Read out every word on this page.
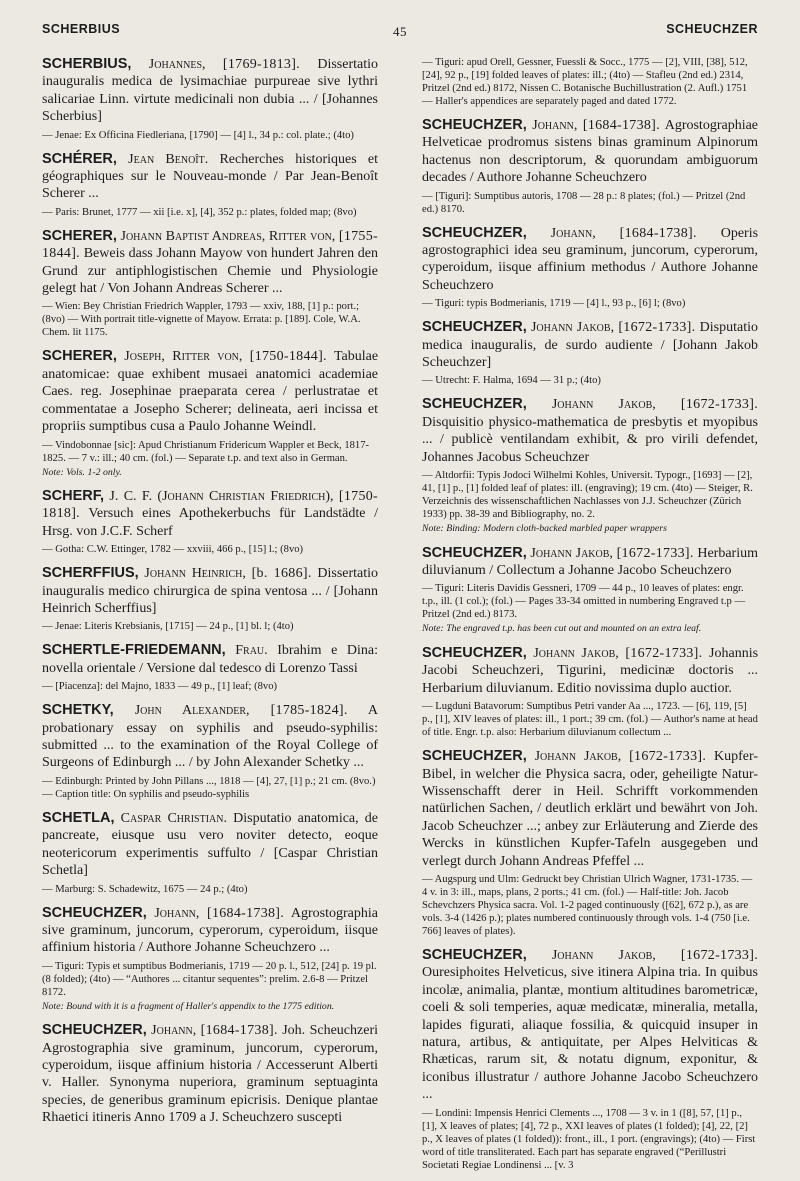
SCHERBIUS	45	SCHEUCHZER
SCHERBIUS, Johannes, [1769-1813]. Dissertatio inauguralis medica de lysimachiae purpureae sive lythri salicariae Linn. virtute medicinali non dubia ... / [Johannes Scherbius]
— Jenae: Ex Officina Fiedleriana, [1790] — [4] l., 34 p.: col. plate.; (4to)
SCHÉRER, Jean Benoît. Recherches historiques et géographiques sur le Nouveau-monde / Par Jean-Benoît Scherer ...
— Paris: Brunet, 1777 — xii [i.e. x], [4], 352 p.: plates, folded map; (8vo)
SCHERER, Johann Baptist Andreas, Ritter von, [1755-1844]. Beweis dass Johann Mayow von hundert Jahren den Grund zur antiphlogistischen Chemie und Physiologie gelegt hat / Von Johann Andreas Scherer ...
— Wien: Bey Christian Friedrich Wappler, 1793 — xxiv, 188, [1] p.: port.; (8vo) — With portrait title-vignette of Mayow. Errata: p. [189]. Cole, W.A. Chem. lit 1175.
SCHERER, Joseph, Ritter von, [1750-1844]. Tabulae anatomicae: quae exhibent musaei anatomici academiae Caes. reg. Josephinae praeparata cerea / perlustratae et commentatae a Josepho Scherer; delineata, aeri incissa et propriis sumptibus cusa a Paulo Johanne Weindl.
— Vindobonnae [sic]: Apud Christianum Fridericum Wappler et Beck, 1817-1825. — 7 v.: ill.; 40 cm. (fol.) — Separate t.p. and text also in German.
Note: Vols. 1-2 only.
SCHERF, J. C. F. (Johann Christian Friedrich), [1750-1818]. Versuch eines Apothekerbuchs für Landstädte / Hrsg. von J.C.F. Scherf
— Gotha: C.W. Ettinger, 1782 — xxviii, 466 p., [15] l.; (8vo)
SCHERFFIUS, Johann Heinrich, [b. 1686]. Dissertatio inauguralis medico chirurgica de spina ventosa ... / [Johann Heinrich Scherffius]
— Jenae: Literis Krebsianis, [1715] — 24 p., [1] bl. l; (4to)
SCHERTLE-FRIEDEMANN, Frau. Ibrahim e Dina: novella orientale / Versione dal tedesco di Lorenzo Tassi
— [Piacenza]: del Majno, 1833 — 49 p., [1] leaf; (8vo)
SCHETKY, John Alexander, [1785-1824]. A probationary essay on syphilis and pseudo-syphilis: submitted ... to the examination of the Royal College of Surgeons of Edinburgh ... / by John Alexander Schetky ...
— Edinburgh: Printed by John Pillans ..., 1818 — [4], 27, [1] p.; 21 cm. (8vo.) — Caption title: On syphilis and pseudo-syphilis
SCHETLA, Caspar Christian. Disputatio anatomica, de pancreate, eiusque usu vero noviter detecto, eoque neotericorum experimentis suffulto / [Caspar Christian Schetla]
— Marburg: S. Schadewitz, 1675 — 24 p.; (4to)
SCHEUCHZER, Johann, [1684-1738]. Agrostographia sive graminum, juncorum, cyperorum, cyperoidum, iisque affinium historia / Authore Johanne Scheuchzero ...
— Tiguri: Typis et sumptibus Bodmerianis, 1719 — 20 p. l., 512, [24] p. 19 pl. (8 folded); (4to) — “Authores ... citantur sequentes”: prelim. 2.6-8 — Pritzel 8172.
Note: Bound with it is a fragment of Haller's appendix to the 1775 edition.
SCHEUCHZER, Johann, [1684-1738]. Joh. Scheuchzeri Agrostographia sive graminum, juncorum, cyperorum, cyperoidum, iisque affinium historia / Accesserunt Alberti v. Haller. Synonyma nuperiora, graminum septuaginta species, de generibus graminum epicrisis. Denique plantae Rhaetici itineris Anno 1709 a J. Scheuchzero suscepti
— Tiguri: apud Orell, Gessner, Fuessli & Socc., 1775 — [2], VIII, [38], 512, [24], 92 p., [19] folded leaves of plates: ill.; (4to) — Stafleu (2nd ed.) 2314, Pritzel (2nd ed.) 8172, Nissen C. Botanische Buchillustration (2. Aufl.) 1751 — Haller's appendices are separately paged and dated 1772.
SCHEUCHZER, Johann, [1684-1738]. Agrostographiae Helveticae prodromus sistens binas graminum Alpinorum hactenus non descriptorum, & quorundam ambiguorum decades / Authore Johanne Scheuchzero
— [Tiguri]: Sumptibus autoris, 1708 — 28 p.: 8 plates; (fol.) — Pritzel (2nd ed.) 8170.
SCHEUCHZER, Johann, [1684-1738]. Operis agrostographici idea seu graminum, juncorum, cyperorum, cyperoidum, iisque affinium methodus / Authore Johanne Scheuchzero
— Tiguri: typis Bodmerianis, 1719 — [4] l., 93 p., [6] l; (8vo)
SCHEUCHZER, Johann Jakob, [1672-1733]. Disputatio medica inauguralis, de surdo audiente / [Johann Jakob Scheuchzer]
— Utrecht: F. Halma, 1694 — 31 p.; (4to)
SCHEUCHZER, Johann Jakob, [1672-1733]. Disquisitio physico-mathematica de presbytis et myopibus ... / publicè ventilandam exhibit, & pro virili defendet, Johannes Jacobus Scheuchzer
— Altdorfii: Typis Jodoci Wilhelmi Kohles, Universit. Typogr., [1693] — [2], 41, [1] p., [1] folded leaf of plates: ill. (engraving); 19 cm. (4to) — Steiger, R. Verzeichnis des wissenschaftlichen Nachlasses von J.J. Scheuchzer (Zürich 1933) pp. 38-39 and Bibliography, no. 2.
Note: Binding: Modern cloth-backed marbled paper wrappers
SCHEUCHZER, Johann Jakob, [1672-1733]. Herbarium diluvianum / Collectum a Johanne Jacobo Scheuchzero
— Tiguri: Literis Davidis Gessneri, 1709 — 44 p., 10 leaves of plates: engr. t.p., ill. (1 col.); (fol.) — Pages 33-34 omitted in numbering Engraved t.p — Pritzel (2nd ed.) 8173.
Note: The engraved t.p. has been cut out and mounted on an extra leaf.
SCHEUCHZER, Johann Jakob, [1672-1733]. Johannis Jacobi Scheuchzeri, Tigurini, medicinæ doctoris ... Herbarium diluvianum. Editio novissima duplo auctior.
— Lugduni Batavorum: Sumptibus Petri vander Aa ..., 1723. — [6], 119, [5] p., [1], XIV leaves of plates: ill., 1 port.; 39 cm. (fol.) — Author's name at head of title. Engr. t.p. also: Herbarium diluvianum collectum ...
SCHEUCHZER, Johann Jakob, [1672-1733]. Kupfer-Bibel, in welcher die Physica sacra, oder, geheiligte Natur-Wissenschafft derer in Heil. Schrifft vorkommenden natürlichen Sachen, / deutlich erklärt und bewährt von Joh. Jacob Scheuchzer ...; anbey zur Erläuterung and Zierde des Wercks in künstlichen Kupfer-Tafeln ausgegeben und verlegt durch Johann Andreas Pfeffel ...
— Augspurg und Ulm: Gedruckt bey Christian Ulrich Wagner, 1731-1735. — 4 v. in 3: ill., maps, plans, 2 ports.; 41 cm. (fol.) — Half-title: Joh. Jacob Schevchzers Physica sacra. Vol. 1-2 paged continuously ([62], 672 p.), as are vols. 3-4 (1426 p.); plates numbered continuously through vols. 1-4 (750 [i.e. 766] leaves of plates).
SCHEUCHZER, Johann Jakob, [1672-1733]. Ouresiphoites Helveticus, sive itinera Alpina tria. In quibus incolæ, animalia, plantæ, montium altitudines barometricæ, coeli & soli temperies, aquæ medicatæ, mineralia, metalla, lapides figurati, aliaque fossilia, & quicquid insuper in natura, artibus, & antiquitate, per Alpes Helviticas & Rhæticas, rarum sit, & notatu dignum, exponitur, & iconibus illustratur / authore Johanne Jacobo Scheuchzero ...
— Londini: Impensis Henrici Clements ..., 1708 — 3 v. in 1 ([8], 57, [1] p., [1], X leaves of plates; [4], 72 p., XXI leaves of plates (1 folded); [4], 22, [2] p., X leaves of plates (1 folded)): front., ill., 1 port. (engravings); (4to) — First word of title transliterated. Each part has separate engraved (“Perillustri Societati Regiae Londinensi ... [v. 3
